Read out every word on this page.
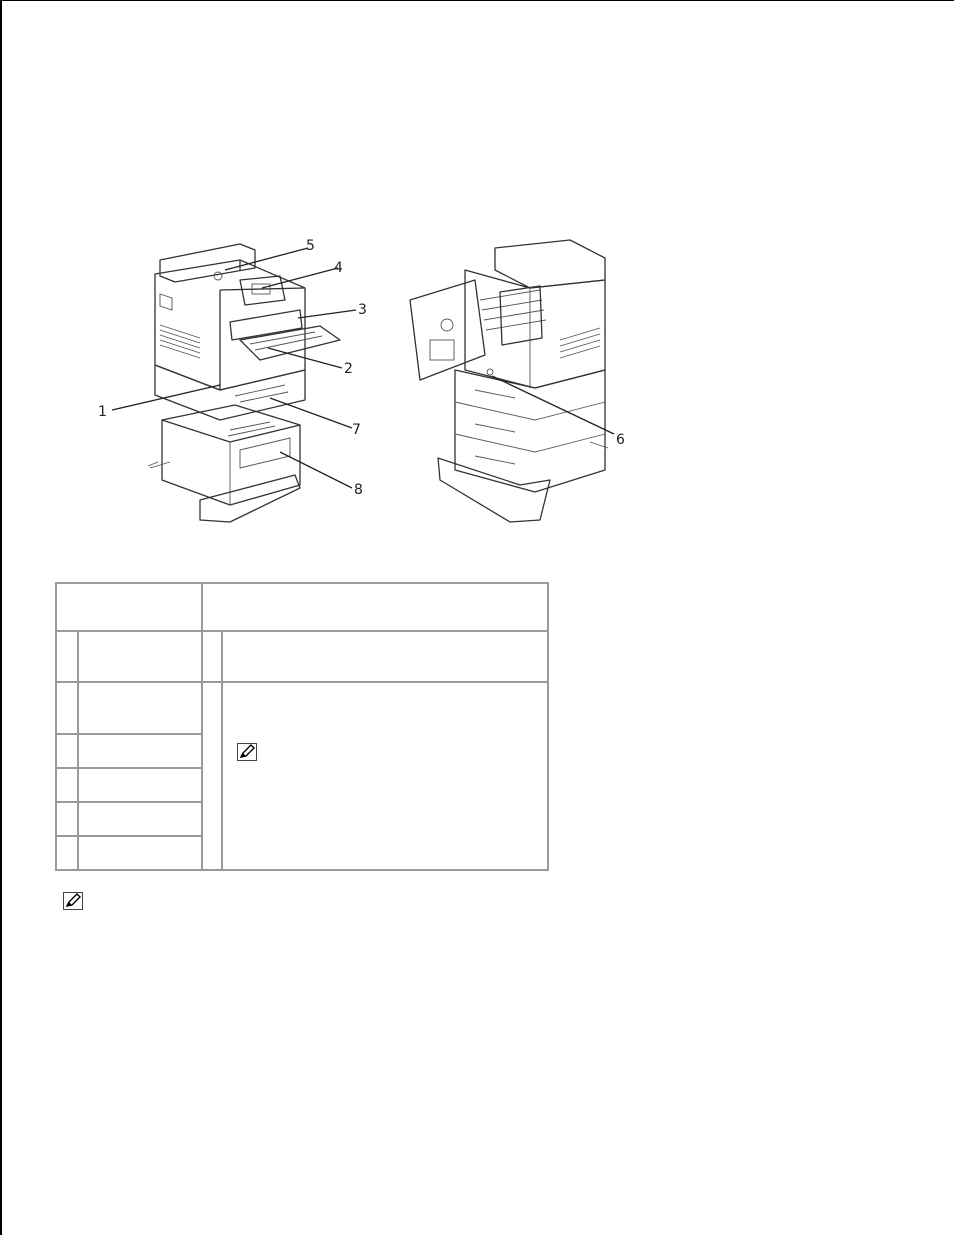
5
4
3
2
1
7
8
6
